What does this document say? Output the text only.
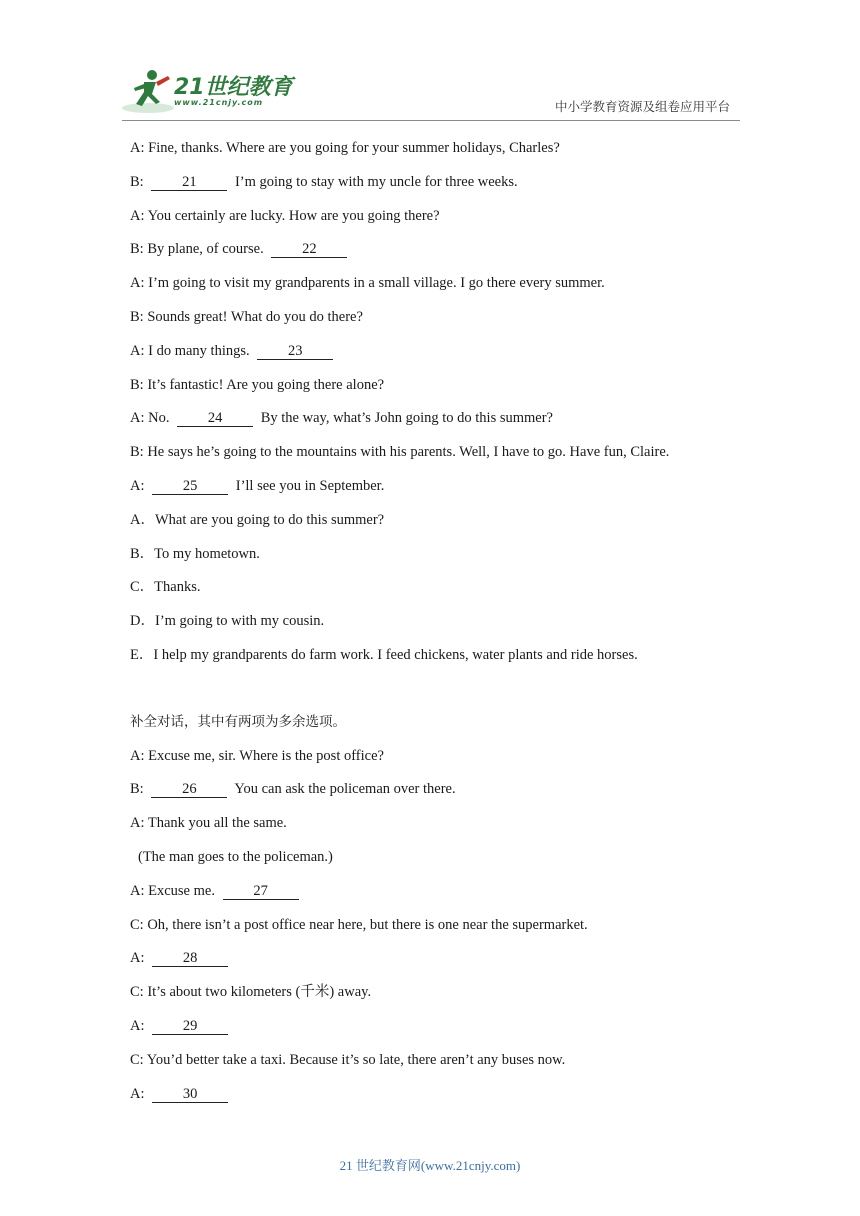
21世纪教育
www.21cnjy.com	中小学教育资源及组卷应用平台
A: Fine, thanks. Where are you going for your summer holidays, Charles?
B:	21	I’m going to stay with my uncle for three weeks.
A: You certainly are lucky. How are you going there?
B: By plane, of course.	22
A: I’m going to visit my grandparents in a small village. I go there every summer.
B: Sounds great! What do you do there?
A: I do many things.	23
B: It’s fantastic! Are you going there alone?
A: No.	24	By the way, what’s John going to do this summer?
B: He says he’s going to the mountains with his parents. Well, I have to go. Have fun, Claire.
A:	25	I’ll see you in September.
A．What are you going to do this summer?
B．To my hometown.
C．Thanks.
D．I’m going to with my cousin.
E．I help my grandparents do farm work. I feed chickens, water plants and ride horses.
补全对话，其中有两项为多余选项。
A: Excuse me, sir. Where is the post office?
B:	26	You can ask the policeman over there.
A: Thank you all the same.
(The man goes to the policeman.)
A: Excuse me.	27
C: Oh, there isn’t a post office near here, but there is one near the supermarket.
A:	28
C: It’s about two kilometers (千米) away.
A:	29
C: You’d better take a taxi. Because it’s so late, there aren’t any buses now.
A:	30
21 世纪教育网(www.21cnjy.com)
